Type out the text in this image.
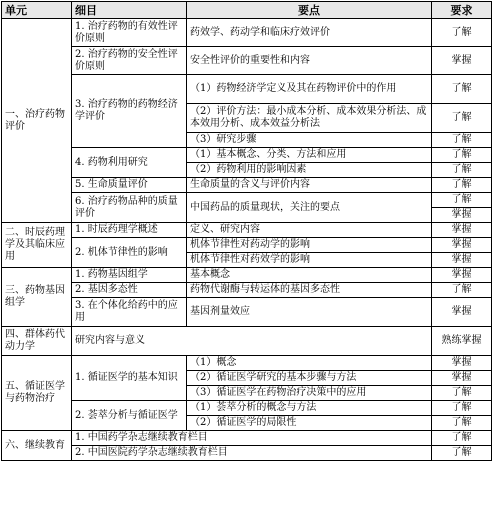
单元	细目	要点	要求
一、治疗药物评价	1. 治疗药物的有效性评价原则	药效学、药动学和临床疗效评价	了解
	2. 治疗药物的安全性评价原则	安全性评价的重要性和内容	掌握
	3. 治疗药物的药物经济学评价	（1）药物经济学定义及其在药物评价中的作用	了解
		（2）评价方法：最小成本分析、成本效果分析法、成本效用分析、成本效益分析法	了解
		（3）研究步骤	了解
	4. 药物利用研究	（1）基本概念、分类、方法和应用	了解
		（2）药物利用的影响因素	了解
	5. 生命质量评价	生命质量的含义与评价内容	了解
	6. 治疗药物品种的质量评价	中国药品的质量现状，关注的要点	了解
			掌握
二、时辰药理学及其临床应用	1. 时辰药理学概述	定义、研究内容	掌握
	2. 机体节律性的影响	机体节律性对药动学的影响	掌握
		机体节律性对药效学的影响	掌握
三、药物基因组学	1. 药物基因组学	基本概念	掌握
	2. 基因多态性	药物代谢酶与转运体的基因多态性	了解
	3. 在个体化给药中的应用	基因剂量效应	掌握
四、群体药代动力学	研究内容与意义		熟练掌握
五、循证医学与药物治疗	1. 循证医学的基本知识	（1）概念	掌握
		（2）循证医学研究的基本步骤与方法	掌握
		（3）循证医学在药物治疗决策中的应用	了解
	2. 荟萃分析与循证医学	（1）荟萃分析的概念与方法	了解
		（2）循证医学的局限性	了解
六、继续教育	1. 中国药学杂志继续教育栏目		了解
	2. 中国医院药学杂志继续教育栏目		了解
